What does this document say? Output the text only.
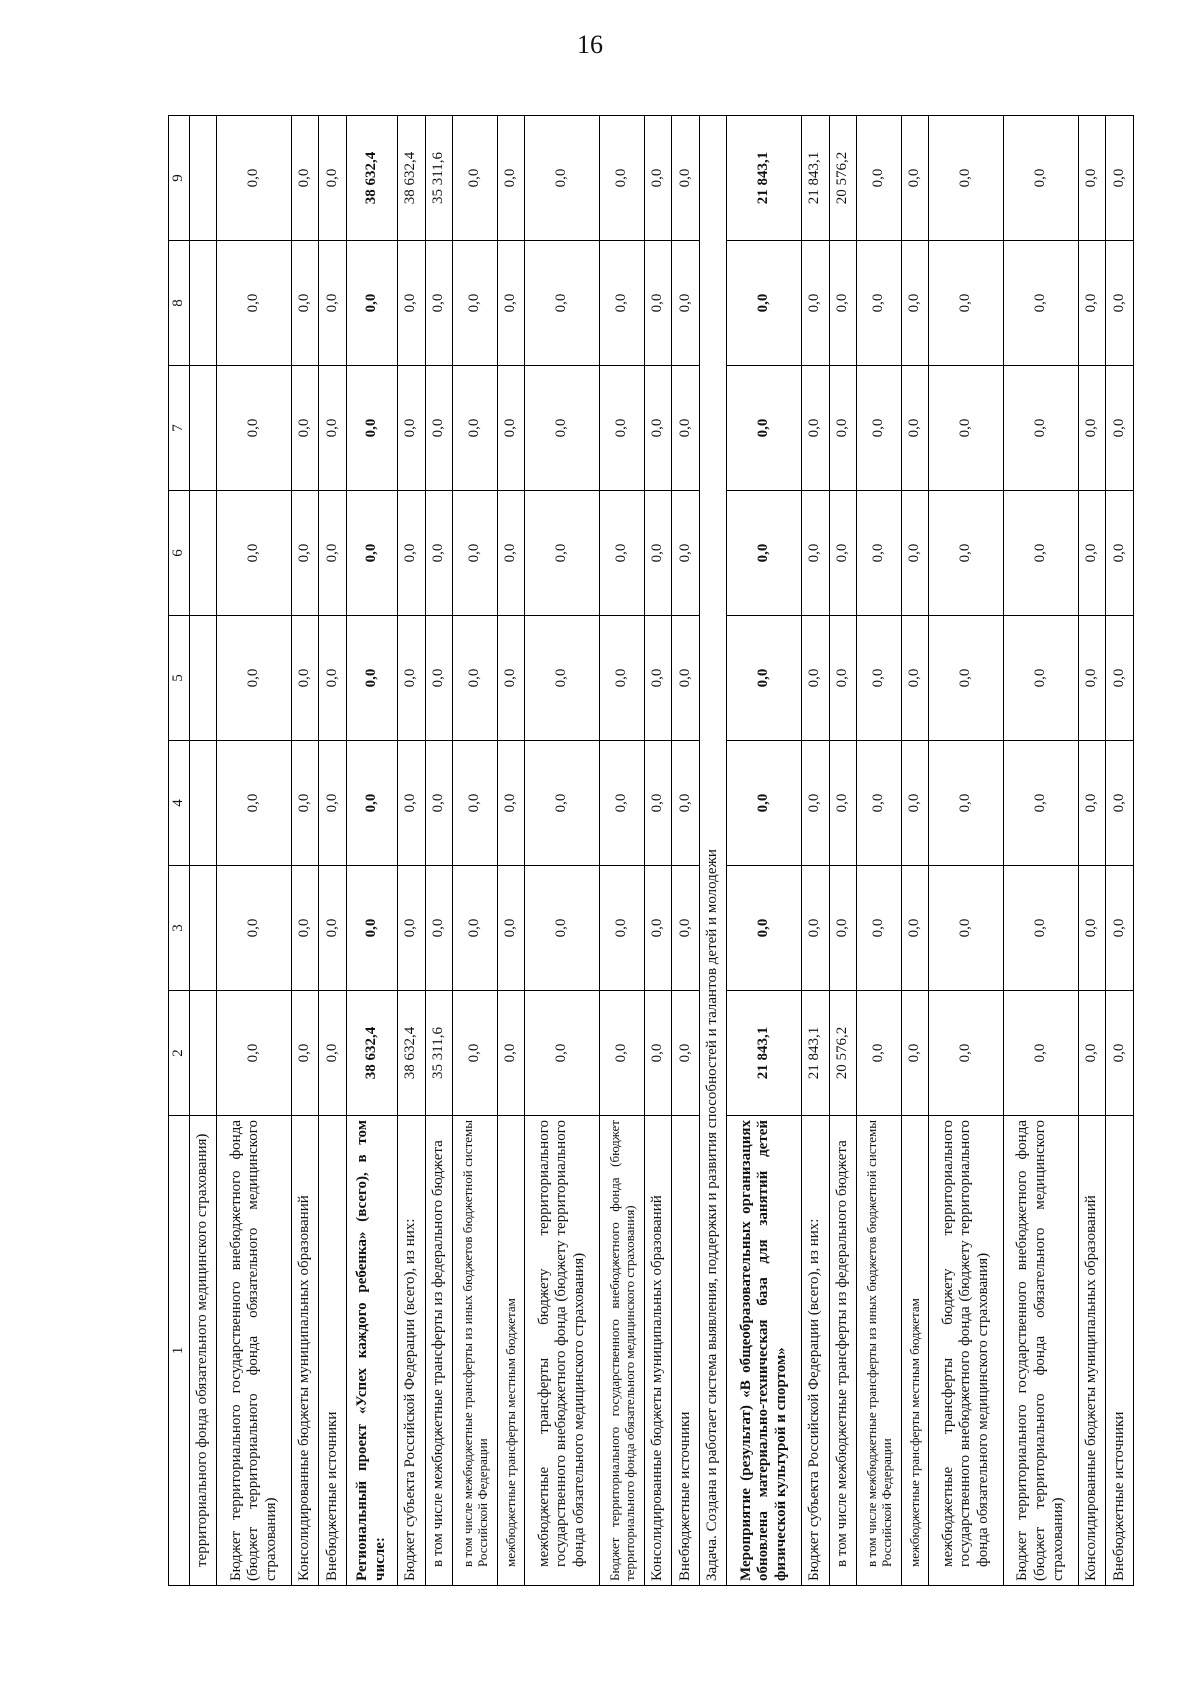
16
1	2	3	4	5	6	7	8	9
территориального фонда обязательного медицинского страхования)								
Бюджет территориального государственного внебюджетного фонда (бюджет территориального фонда обязательного медицинского страхования)	0,0	0,0	0,0	0,0	0,0	0,0	0,0	0,0
Консолидированные бюджеты муниципальных образований	0,0	0,0	0,0	0,0	0,0	0,0	0,0	0,0
Внебюджетные источники	0,0	0,0	0,0	0,0	0,0	0,0	0,0	0,0
Региональный проект «Успех каждого ребенка» (всего), в том числе:	38 632,4	0,0	0,0	0,0	0,0	0,0	0,0	38 632,4
Бюджет субъекта Российской Федерации (всего), из них:	38 632,4	0,0	0,0	0,0	0,0	0,0	0,0	38 632,4
в том числе межбюджетные трансферты из федерального бюджета	35 311,6	0,0	0,0	0,0	0,0	0,0	0,0	35 311,6
в том числе межбюджетные трансферты из иных бюджетов бюджетной системы Российской Федерации	0,0	0,0	0,0	0,0	0,0	0,0	0,0	0,0
межбюджетные трансферты местным бюджетам	0,0	0,0	0,0	0,0	0,0	0,0	0,0	0,0
межбюджетные трансферты бюджету территориального государственного внебюджетного фонда (бюджету территориального фонда обязательного медицинского страхования)	0,0	0,0	0,0	0,0	0,0	0,0	0,0	0,0
Бюджет территориального государственного внебюджетного фонда (бюджет территориального фонда обязательного медицинского страхования)	0,0	0,0	0,0	0,0	0,0	0,0	0,0	0,0
Консолидированные бюджеты муниципальных образований	0,0	0,0	0,0	0,0	0,0	0,0	0,0	0,0
Внебюджетные источники	0,0	0,0	0,0	0,0	0,0	0,0	0,0	0,0
Задача. Создана и работает система выявления, поддержки и развития способностей и талантов детей и молодежи								
Мероприятие (результат) «В общеобразовательных организациях обновлена материально-техническая база для занятий детей физической культурой и спортом»	21 843,1	0,0	0,0	0,0	0,0	0,0	0,0	21 843,1
Бюджет субъекта Российской Федерации (всего), из них:	21 843,1	0,0	0,0	0,0	0,0	0,0	0,0	21 843,1
в том числе межбюджетные трансферты из федерального бюджета	20 576,2	0,0	0,0	0,0	0,0	0,0	0,0	20 576,2
в том числе межбюджетные трансферты из иных бюджетов бюджетной системы Российской Федерации	0,0	0,0	0,0	0,0	0,0	0,0	0,0	0,0
межбюджетные трансферты местным бюджетам	0,0	0,0	0,0	0,0	0,0	0,0	0,0	0,0
межбюджетные трансферты бюджету территориального государственного внебюджетного фонда (бюджету территориального фонда обязательного медицинского страхования)	0,0	0,0	0,0	0,0	0,0	0,0	0,0	0,0
Бюджет территориального государственного внебюджетного фонда (бюджет территориального фонда обязательного медицинского страхования)	0,0	0,0	0,0	0,0	0,0	0,0	0,0	0,0
Консолидированные бюджеты муниципальных образований	0,0	0,0	0,0	0,0	0,0	0,0	0,0	0,0
Внебюджетные источники	0,0	0,0	0,0	0,0	0,0	0,0	0,0	0,0
